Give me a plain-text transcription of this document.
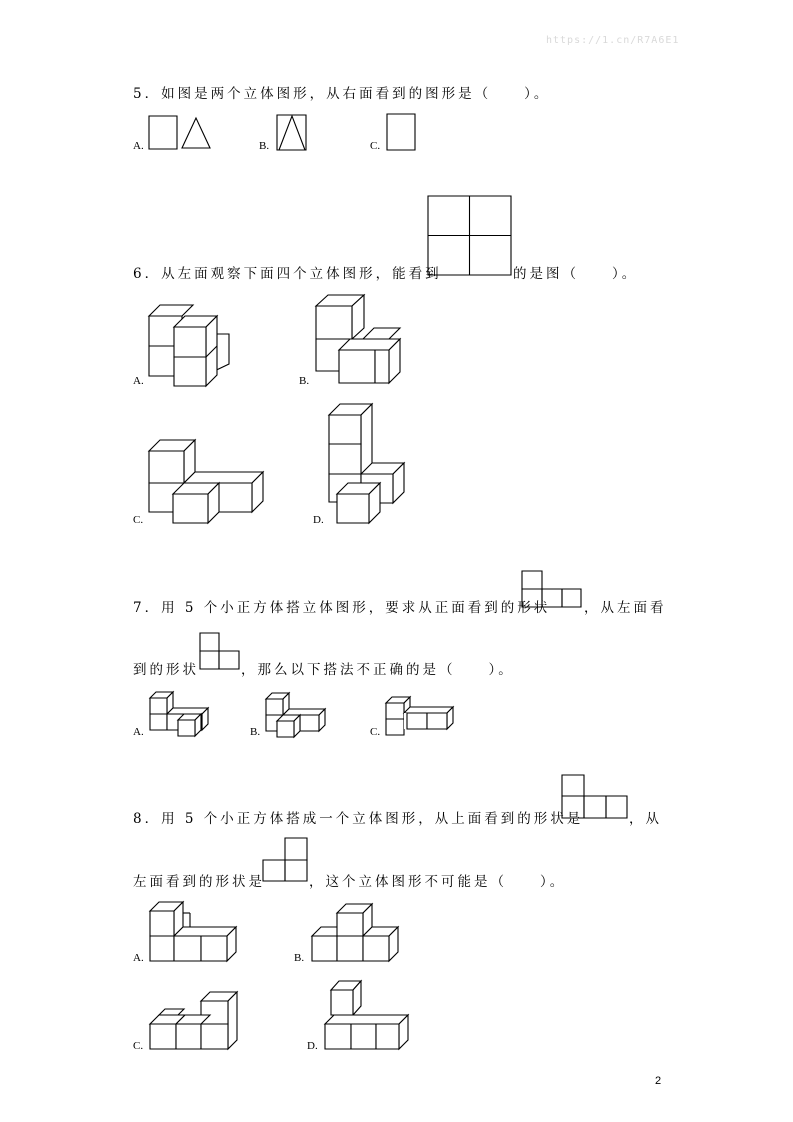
https://1.cn/R7A6E1
5．如图是两个立体图形，从右面看到的图形是（　　）。
A.	B.	C.
6．从左面观察下面四个立体图形，能看到	的是图（　　）。
A.	B.
C.	D.
7．用 5 个小正方体搭立体图形，要求从正面看到的形状 ，从左面看
到的形状	，那么以下搭法不正确的是（　　）。
A.	B.	C.
8．用 5 个小正方体搭成一个立体图形，从上面看到的形状是	，从
左面看到的形状是	，这个立体图形不可能是（　　）。
A.	B.
C.	D.
2
